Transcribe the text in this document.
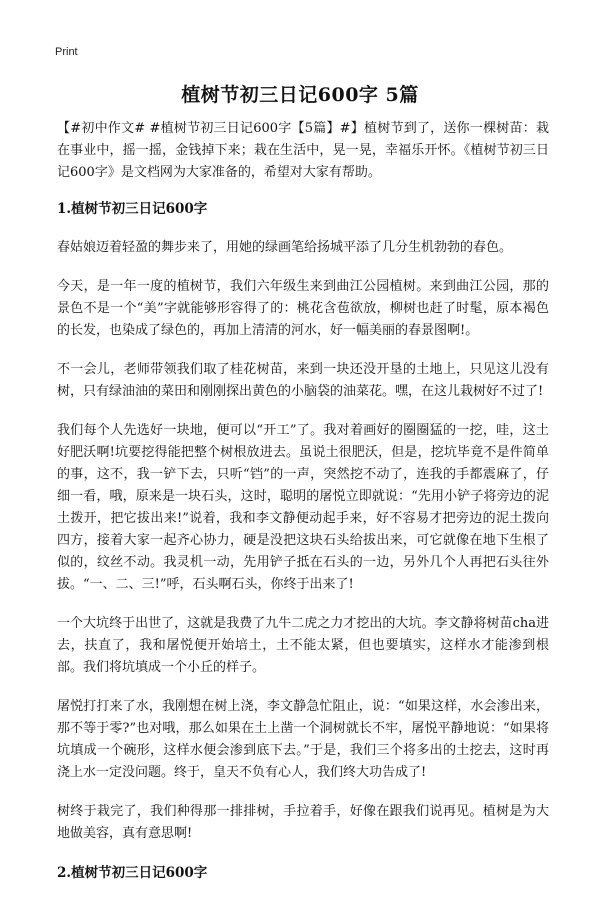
Print
植树节初三日记600字 5篇

【#初中作文# #植树节初三日记600字【5篇】#】植树节到了，送你一棵树苗：栽在事业中，摇一摇，金钱掉下来；栽在生活中，晃一晃，幸福乐开怀。《植树节初三日记600字》是文档网为大家准备的，希望对大家有帮助。

1.植树节初三日记600字

春姑娘迈着轻盈的舞步来了，用她的绿画笔给扬城平添了几分生机勃勃的春色。

今天，是一年一度的植树节，我们六年级生来到曲江公园植树。来到曲江公园，那的景色不是一个“美”字就能够形容得了的：桃花含苞欲放，柳树也赶了时髦，原本褐色的长发，也染成了绿色的，再加上清清的河水，好一幅美丽的春景图啊!。

不一会儿，老师带领我们取了桂花树苗，来到一块还没开垦的土地上，只见这儿没有树，只有绿油油的菜田和刚刚探出黄色的小脑袋的油菜花。嘿，在这儿栽树好不过了!

我们每个人先选好一块地，便可以“开工”了。我对着画好的圈圈猛的一挖，哇，这土好肥沃啊!坑要挖得能把整个树根放进去。虽说土很肥沃，但是，挖坑毕竟不是件简单的事，这不，我一铲下去，只听“铛”的一声，突然挖不动了，连我的手都震麻了，仔细一看，哦，原来是一块石头，这时，聪明的屠悦立即就说：“先用小铲子将旁边的泥土拨开，把它拔出来!”说着，我和李文静便动起手来，好不容易才把旁边的泥土拨向四方，接着大家一起齐心协力，硬是没把这块石头给拔出来，可它就像在地下生根了似的，纹丝不动。我灵机一动，先用铲子抵在石头的一边，另外几个人再把石头往外拔。“一、二、三!”呼，石头啊石头，你终于出来了!

一个大坑终于出世了，这就是我费了九牛二虎之力才挖出的大坑。李文静将树苗cha进去，扶直了，我和屠悦便开始培土，土不能太紧，但也要填实，这样水才能渗到根部。我们将坑填成一个小丘的样子。

屠悦打打来了水，我刚想在树上浇，李文静急忙阻止，说：“如果这样，水会渗出来，那不等于零?”也对哦，那么如果在土上凿一个洞树就长不牢，屠悦平静地说：“如果将坑填成一个碗形，这样水便会渗到底下去。”于是，我们三个将多出的土挖去，这时再浇上水一定没问题。终于，皇天不负有心人，我们终大功告成了!

树终于栽完了，我们种得那一排排树，手拉着手，好像在跟我们说再见。植树是为大地做美容，真有意思啊!

2.植树节初三日记600字
